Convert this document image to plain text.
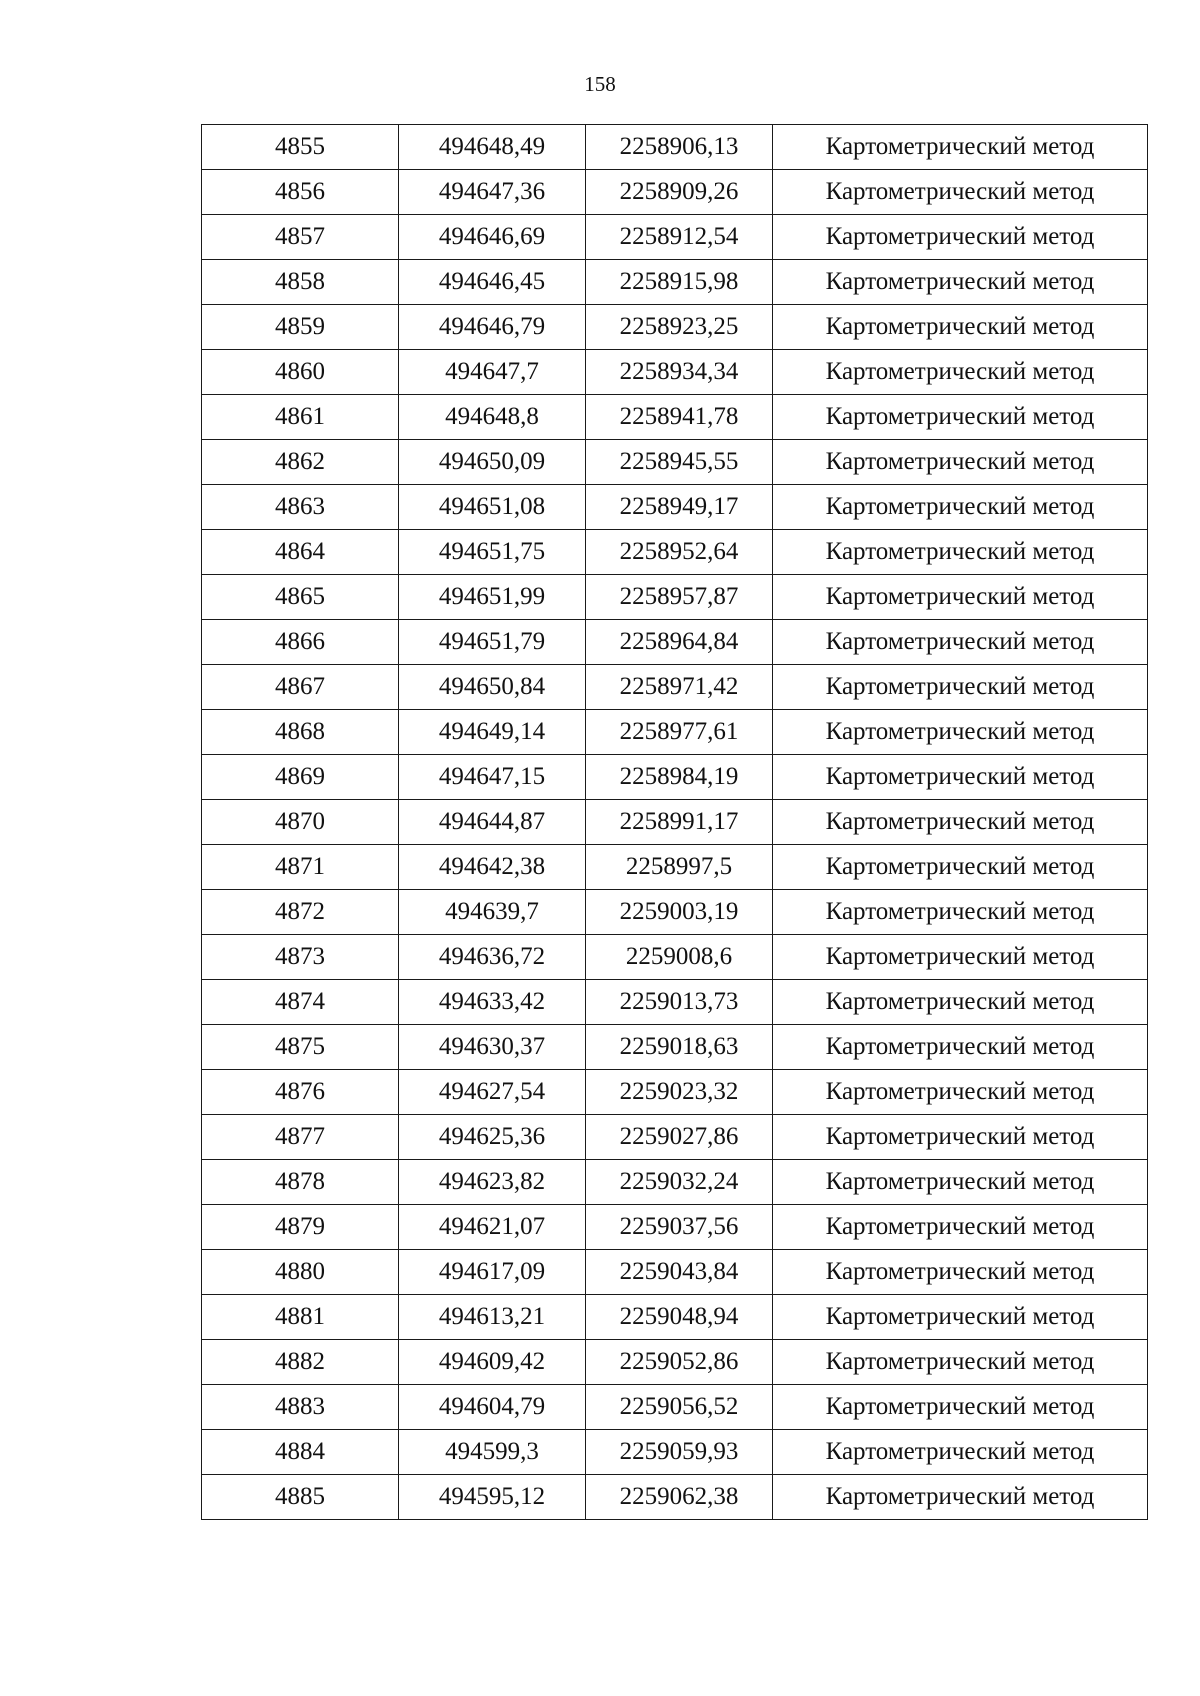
158
4855	494648,49	2258906,13	Картометрический метод
4856	494647,36	2258909,26	Картометрический метод
4857	494646,69	2258912,54	Картометрический метод
4858	494646,45	2258915,98	Картометрический метод
4859	494646,79	2258923,25	Картометрический метод
4860	494647,7	2258934,34	Картометрический метод
4861	494648,8	2258941,78	Картометрический метод
4862	494650,09	2258945,55	Картометрический метод
4863	494651,08	2258949,17	Картометрический метод
4864	494651,75	2258952,64	Картометрический метод
4865	494651,99	2258957,87	Картометрический метод
4866	494651,79	2258964,84	Картометрический метод
4867	494650,84	2258971,42	Картометрический метод
4868	494649,14	2258977,61	Картометрический метод
4869	494647,15	2258984,19	Картометрический метод
4870	494644,87	2258991,17	Картометрический метод
4871	494642,38	2258997,5	Картометрический метод
4872	494639,7	2259003,19	Картометрический метод
4873	494636,72	2259008,6	Картометрический метод
4874	494633,42	2259013,73	Картометрический метод
4875	494630,37	2259018,63	Картометрический метод
4876	494627,54	2259023,32	Картометрический метод
4877	494625,36	2259027,86	Картометрический метод
4878	494623,82	2259032,24	Картометрический метод
4879	494621,07	2259037,56	Картометрический метод
4880	494617,09	2259043,84	Картометрический метод
4881	494613,21	2259048,94	Картометрический метод
4882	494609,42	2259052,86	Картометрический метод
4883	494604,79	2259056,52	Картометрический метод
4884	494599,3	2259059,93	Картометрический метод
4885	494595,12	2259062,38	Картометрический метод
